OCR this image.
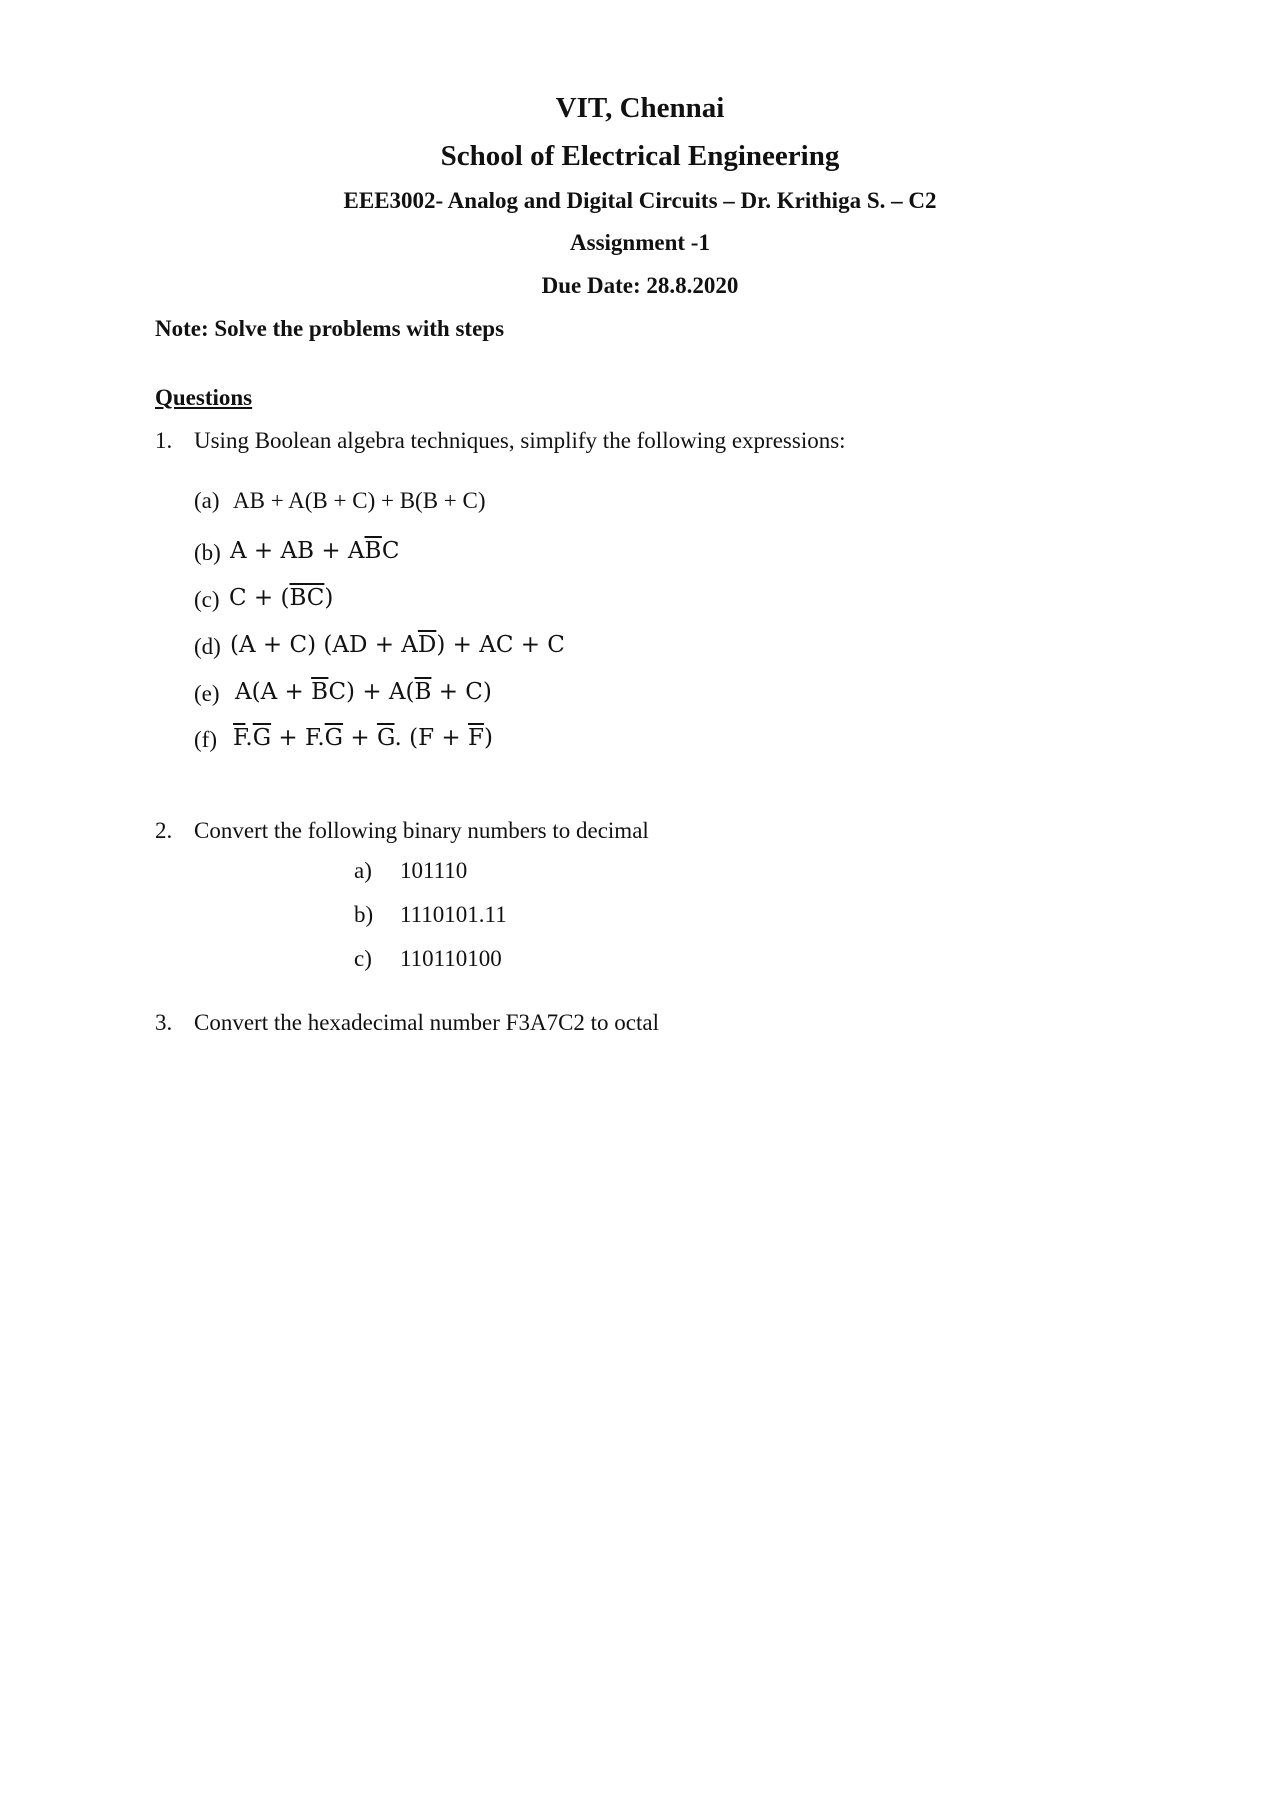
VIT, Chennai
School of Electrical Engineering
EEE3002- Analog and Digital Circuits – Dr. Krithiga S. – C2
Assignment -1
Due Date: 28.8.2020
Note: Solve the problems with steps
Questions
1. Using Boolean algebra techniques, simplify the following expressions:
(a) AB + A(B + C) + B(B + C)
(b) A + AB + $A\overline{B}C$
(c) $C + (\overline{BC})$
(d) (A + C) $(AD + A\overline{D})$ + AC + C
(e) $A(A + \overline{B}C) + A(\overline{B} + C)$
(f) $\overline{F}.\overline{G} + F.\overline{G} + \overline{G}$. $(F + \overline{F})$
2. Convert the following binary numbers to decimal
a) 101110
b) 1110101.11
c) 110110100
3. Convert the hexadecimal number F3A7C2 to octal
